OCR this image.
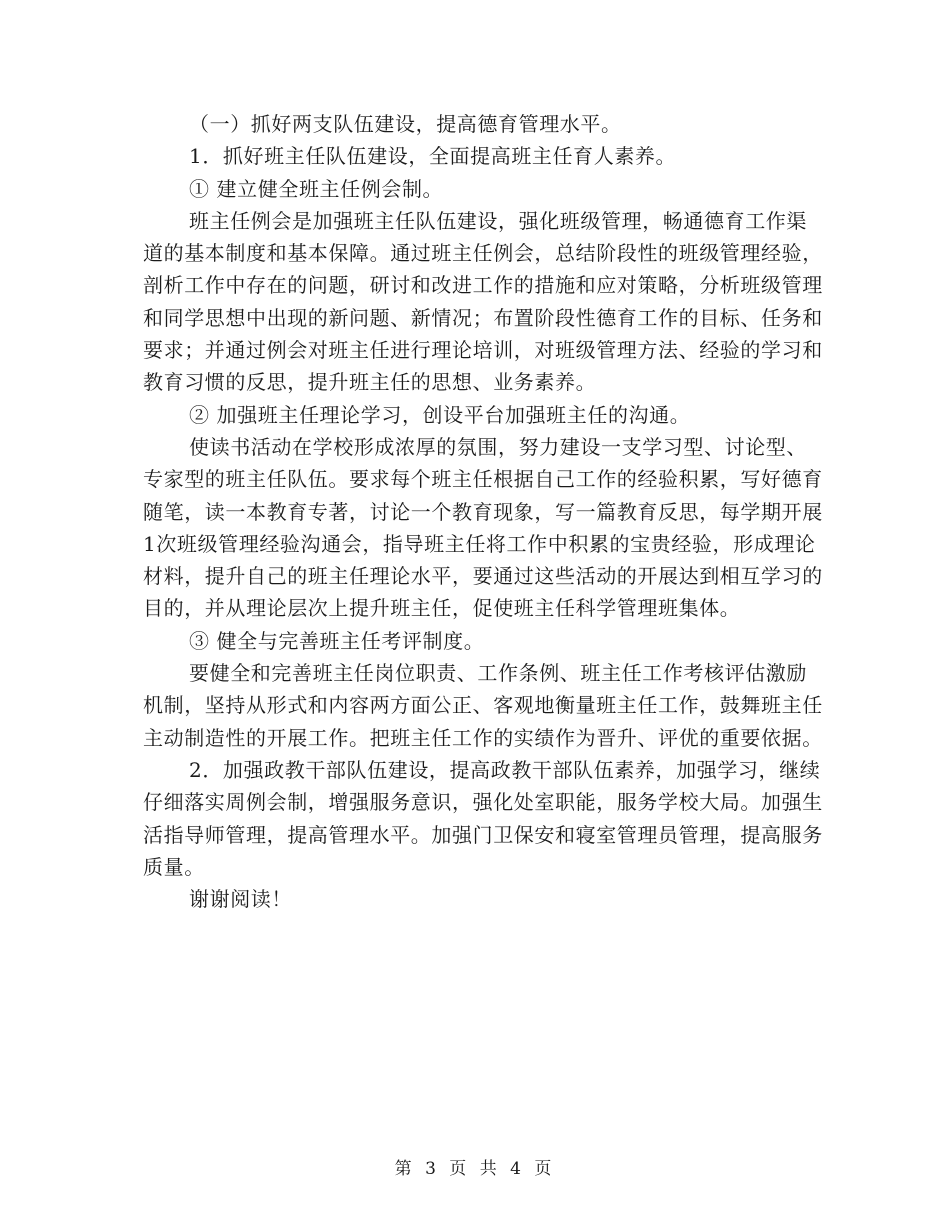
（一）抓好两支队伍建设，提高德育管理水平。

1．抓好班主任队伍建设，全面提高班主任育人素养。

① 建立健全班主任例会制。

班主任例会是加强班主任队伍建设，强化班级管理，畅通德育工作渠道的基本制度和基本保障。通过班主任例会，总结阶段性的班级管理经验，剖析工作中存在的问题，研讨和改进工作的措施和应对策略，分析班级管理和同学思想中出现的新问题、新情况；布置阶段性德育工作的目标、任务和要求；并通过例会对班主任进行理论培训，对班级管理方法、经验的学习和教育习惯的反思，提升班主任的思想、业务素养。

② 加强班主任理论学习，创设平台加强班主任的沟通。

使读书活动在学校形成浓厚的氛围，努力建设一支学习型、讨论型、专家型的班主任队伍。要求每个班主任根据自己工作的经验积累，写好德育随笔，读一本教育专著，讨论一个教育现象，写一篇教育反思，每学期开展1次班级管理经验沟通会，指导班主任将工作中积累的宝贵经验，形成理论材料，提升自己的班主任理论水平，要通过这些活动的开展达到相互学习的目的，并从理论层次上提升班主任，促使班主任科学管理班集体。

③ 健全与完善班主任考评制度。

要健全和完善班主任岗位职责、工作条例、班主任工作考核评估激励机制，坚持从形式和内容两方面公正、客观地衡量班主任工作，鼓舞班主任主动制造性的开展工作。把班主任工作的实绩作为晋升、评优的重要依据。

2．加强政教干部队伍建设，提高政教干部队伍素养，加强学习，继续仔细落实周例会制，增强服务意识，强化处室职能，服务学校大局。加强生活指导师管理，提高管理水平。加强门卫保安和寝室管理员管理，提高服务质量。

谢谢阅读！

第 3 页 共 4 页
